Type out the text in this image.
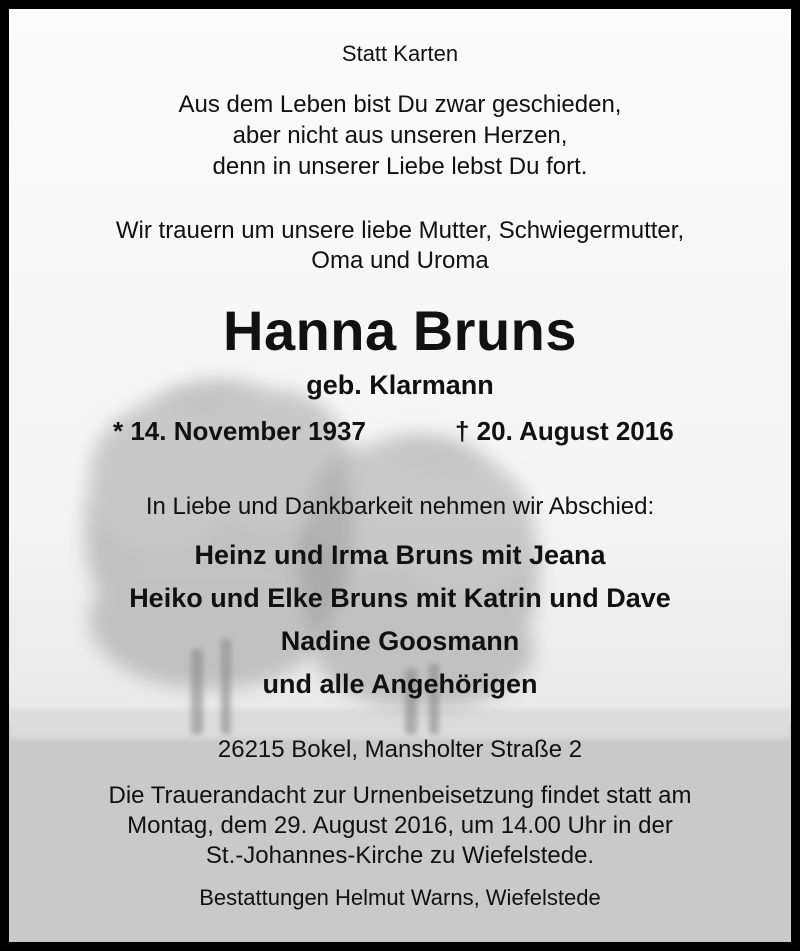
Statt Karten
Aus dem Leben bist Du zwar geschieden,
aber nicht aus unseren Herzen,
denn in unserer Liebe lebst Du fort.
Wir trauern um unsere liebe Mutter, Schwiegermutter,
Oma und Uroma
Hanna Bruns
geb. Klarmann
* 14. November 1937	† 20. August 2016
In Liebe und Dankbarkeit nehmen wir Abschied:
Heinz und Irma Bruns mit Jeana
Heiko und Elke Bruns mit Katrin und Dave
Nadine Goosmann
und alle Angehörigen
26215 Bokel, Mansholter Straße 2
Die Trauerandacht zur Urnenbeisetzung findet statt am
Montag, dem 29. August 2016, um 14.00 Uhr in der
St.-Johannes-Kirche zu Wiefelstede.
Bestattungen Helmut Warns, Wiefelstede
